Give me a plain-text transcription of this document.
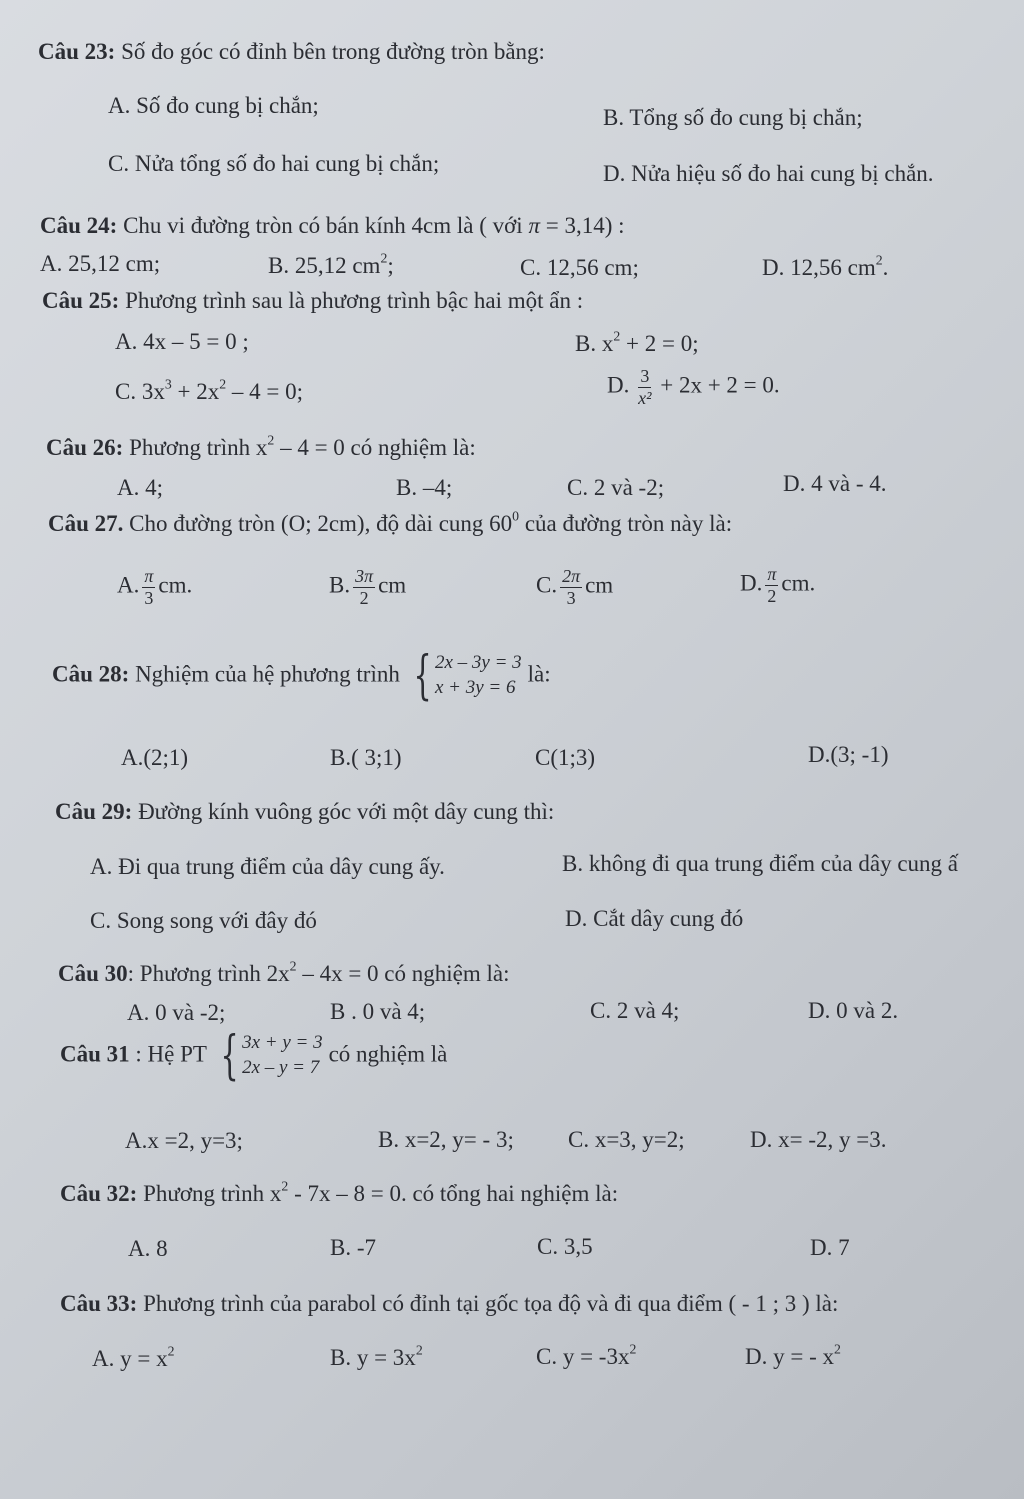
Câu 23: Số đo góc có đỉnh bên trong đường tròn bằng:
A. Số đo cung bị chắn;	B. Tổng số đo cung bị chắn;
C. Nửa tổng số đo hai cung bị chắn;	D. Nửa hiệu số đo hai cung bị chắn.
Câu 24: Chu vi đường tròn có bán kính 4cm là ( với π = 3,14) :
A. 25,12 cm;	B. 25,12 $cm^2$;	C. 12,56 cm;	D. 12,56 $cm^2$.
Câu 25: Phương trình sau là phương trình bậc hai một ẩn :
A. 4x – 5 = 0 ;	B. $x^2 + 2 = 0$;
C. $3x^3 + 2x^2 - 4 = 0$;	D. $\frac{3}{\text{x²}} + 2x + 2 = 0$.
Câu 26: Phương trình $x^2 - 4 = 0$ có nghiệm là:
A. 4;	B. –4;	C. 2 và -2;	D. 4 và - 4.
Câu 27. Cho đường tròn (O; 2cm), độ dài cung $60^0$ của đường tròn này là:
A. $\frac{\pi}{3}$ cm.	B. $\frac{3\pi}{2}$ cm	C. $\frac{2\pi}{3}$ cm	D. $\frac{\pi}{2}$ cm.
Câu 28: Nghiệm của hệ phương trình { 2x – 3y = 3
x + 3y = 6
là:
A.(2;1)	B.( 3;1)	C(1;3)	D.(3; -1)
Câu 29: Đường kính vuông góc với một dây cung thì:
A. Đi qua trung điểm của dây cung ấy.	B. không đi qua trung điểm của dây cung ấ
C. Song song với đây đó	D. Cắt dây cung đó
Câu 30: Phương trình $2x^2 - 4x = 0$ có nghiệm là:
A. 0 và -2;	B . 0 và 4;	C. 2 và 4;	D. 0 và 2.
Câu 31 : Hệ PT { 3x + y = 3
2x – y = 7
có nghiệm là
A.x =2, y=3;	B. x=2, y= - 3; C. x=3, y=2;	D. x= -2, y =3.
Câu 32: Phương trình $x^2 - 7x - 8 = 0$. có tổng hai nghiệm là:
A. 8	B. -7	C. 3,5	D. 7
Câu 33: Phương trình của parabol có đỉnh tại gốc tọa độ và đi qua điểm ( - 1 ; 3 ) là:
A. $y = x^2$	B. $y = 3x^2$	C. $y = -3x^2$	D. y = - $x^2$
